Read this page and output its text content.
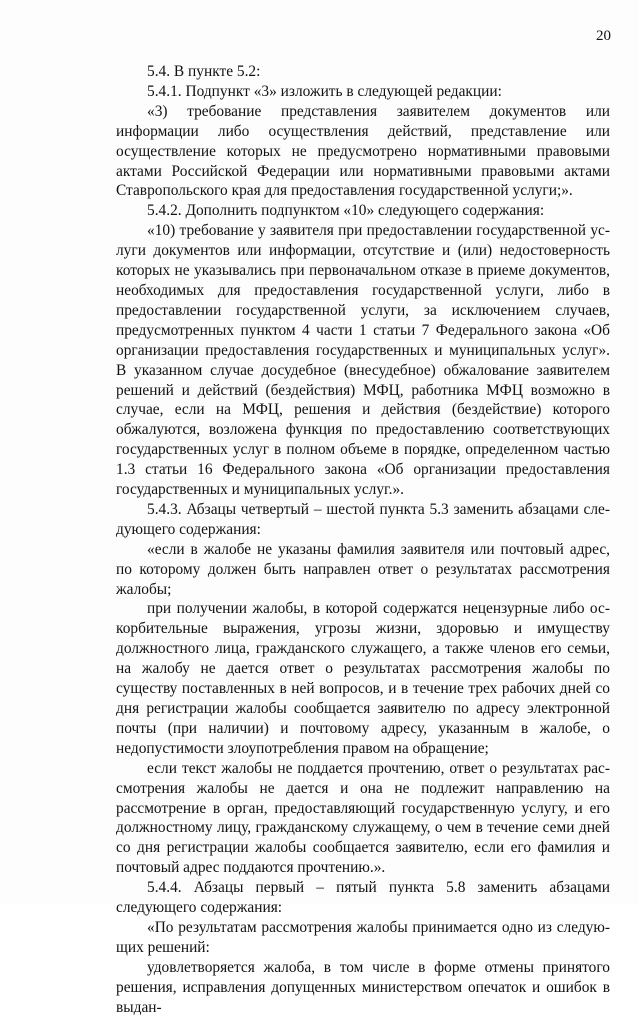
20

5.4. В пункте 5.2:

5.4.1. Подпункт «3» изложить в следующей редакции:

«3) требование представления заявителем документов или информации либо осуществления действий, представление или осуществление которых не предусмотрено нормативными правовыми актами Российской Федерации или нормативными правовыми актами Ставропольского края для предоставления государственной услуги;».

5.4.2. Дополнить подпунктом «10» следующего содержания:

«10) требование у заявителя при предоставлении государственной услуги документов или информации, отсутствие и (или) недостоверность которых не указывались при первоначальном отказе в приеме документов, необходимых для предоставления государственной услуги, либо в предоставлении государственной услуги, за исключением случаев, предусмотренных пунктом 4 части 1 статьи 7 Федерального закона «Об организации предоставления государственных и муниципальных услуг». В указанном случае досудебное (внесудебное) обжалование заявителем решений и действий (бездействия) МФЦ, работника МФЦ возможно в случае, если на МФЦ, решения и действия (бездействие) которого обжалуются, возложена функция по предоставлению соответствующих государственных услуг в полном объеме в порядке, определенном частью 1.3 статьи 16 Федерального закона «Об организации предоставления государственных и муниципальных услуг.».

5.4.3. Абзацы четвертый – шестой пункта 5.3 заменить абзацами следующего содержания:

«если в жалобе не указаны фамилия заявителя или почтовый адрес, по которому должен быть направлен ответ о результатах рассмотрения жалобы;

при получении жалобы, в которой содержатся нецензурные либо оскорбительные выражения, угрозы жизни, здоровью и имуществу должностного лица, гражданского служащего, а также членов его семьи, на жалобу не дается ответ о результатах рассмотрения жалобы по существу поставленных в ней вопросов, и в течение трех рабочих дней со дня регистрации жалобы сообщается заявителю по адресу электронной почты (при наличии) и почтовому адресу, указанным в жалобе, о недопустимости злоупотребления правом на обращение;

если текст жалобы не поддается прочтению, ответ о результатах рассмотрения жалобы не дается и она не подлежит направлению на рассмотрение в орган, предоставляющий государственную услугу, и его должностному лицу, гражданскому служащему, о чем в течение семи дней со дня регистрации жалобы сообщается заявителю, если его фамилия и почтовый адрес поддаются прочтению.».

5.4.4. Абзацы первый – пятый пункта 5.8 заменить абзацами следующего содержания:

«По результатам рассмотрения жалобы принимается одно из следующих решений:

удовлетворяется жалоба, в том числе в форме отмены принятого решения, исправления допущенных министерством опечаток и ошибок в выдан-
